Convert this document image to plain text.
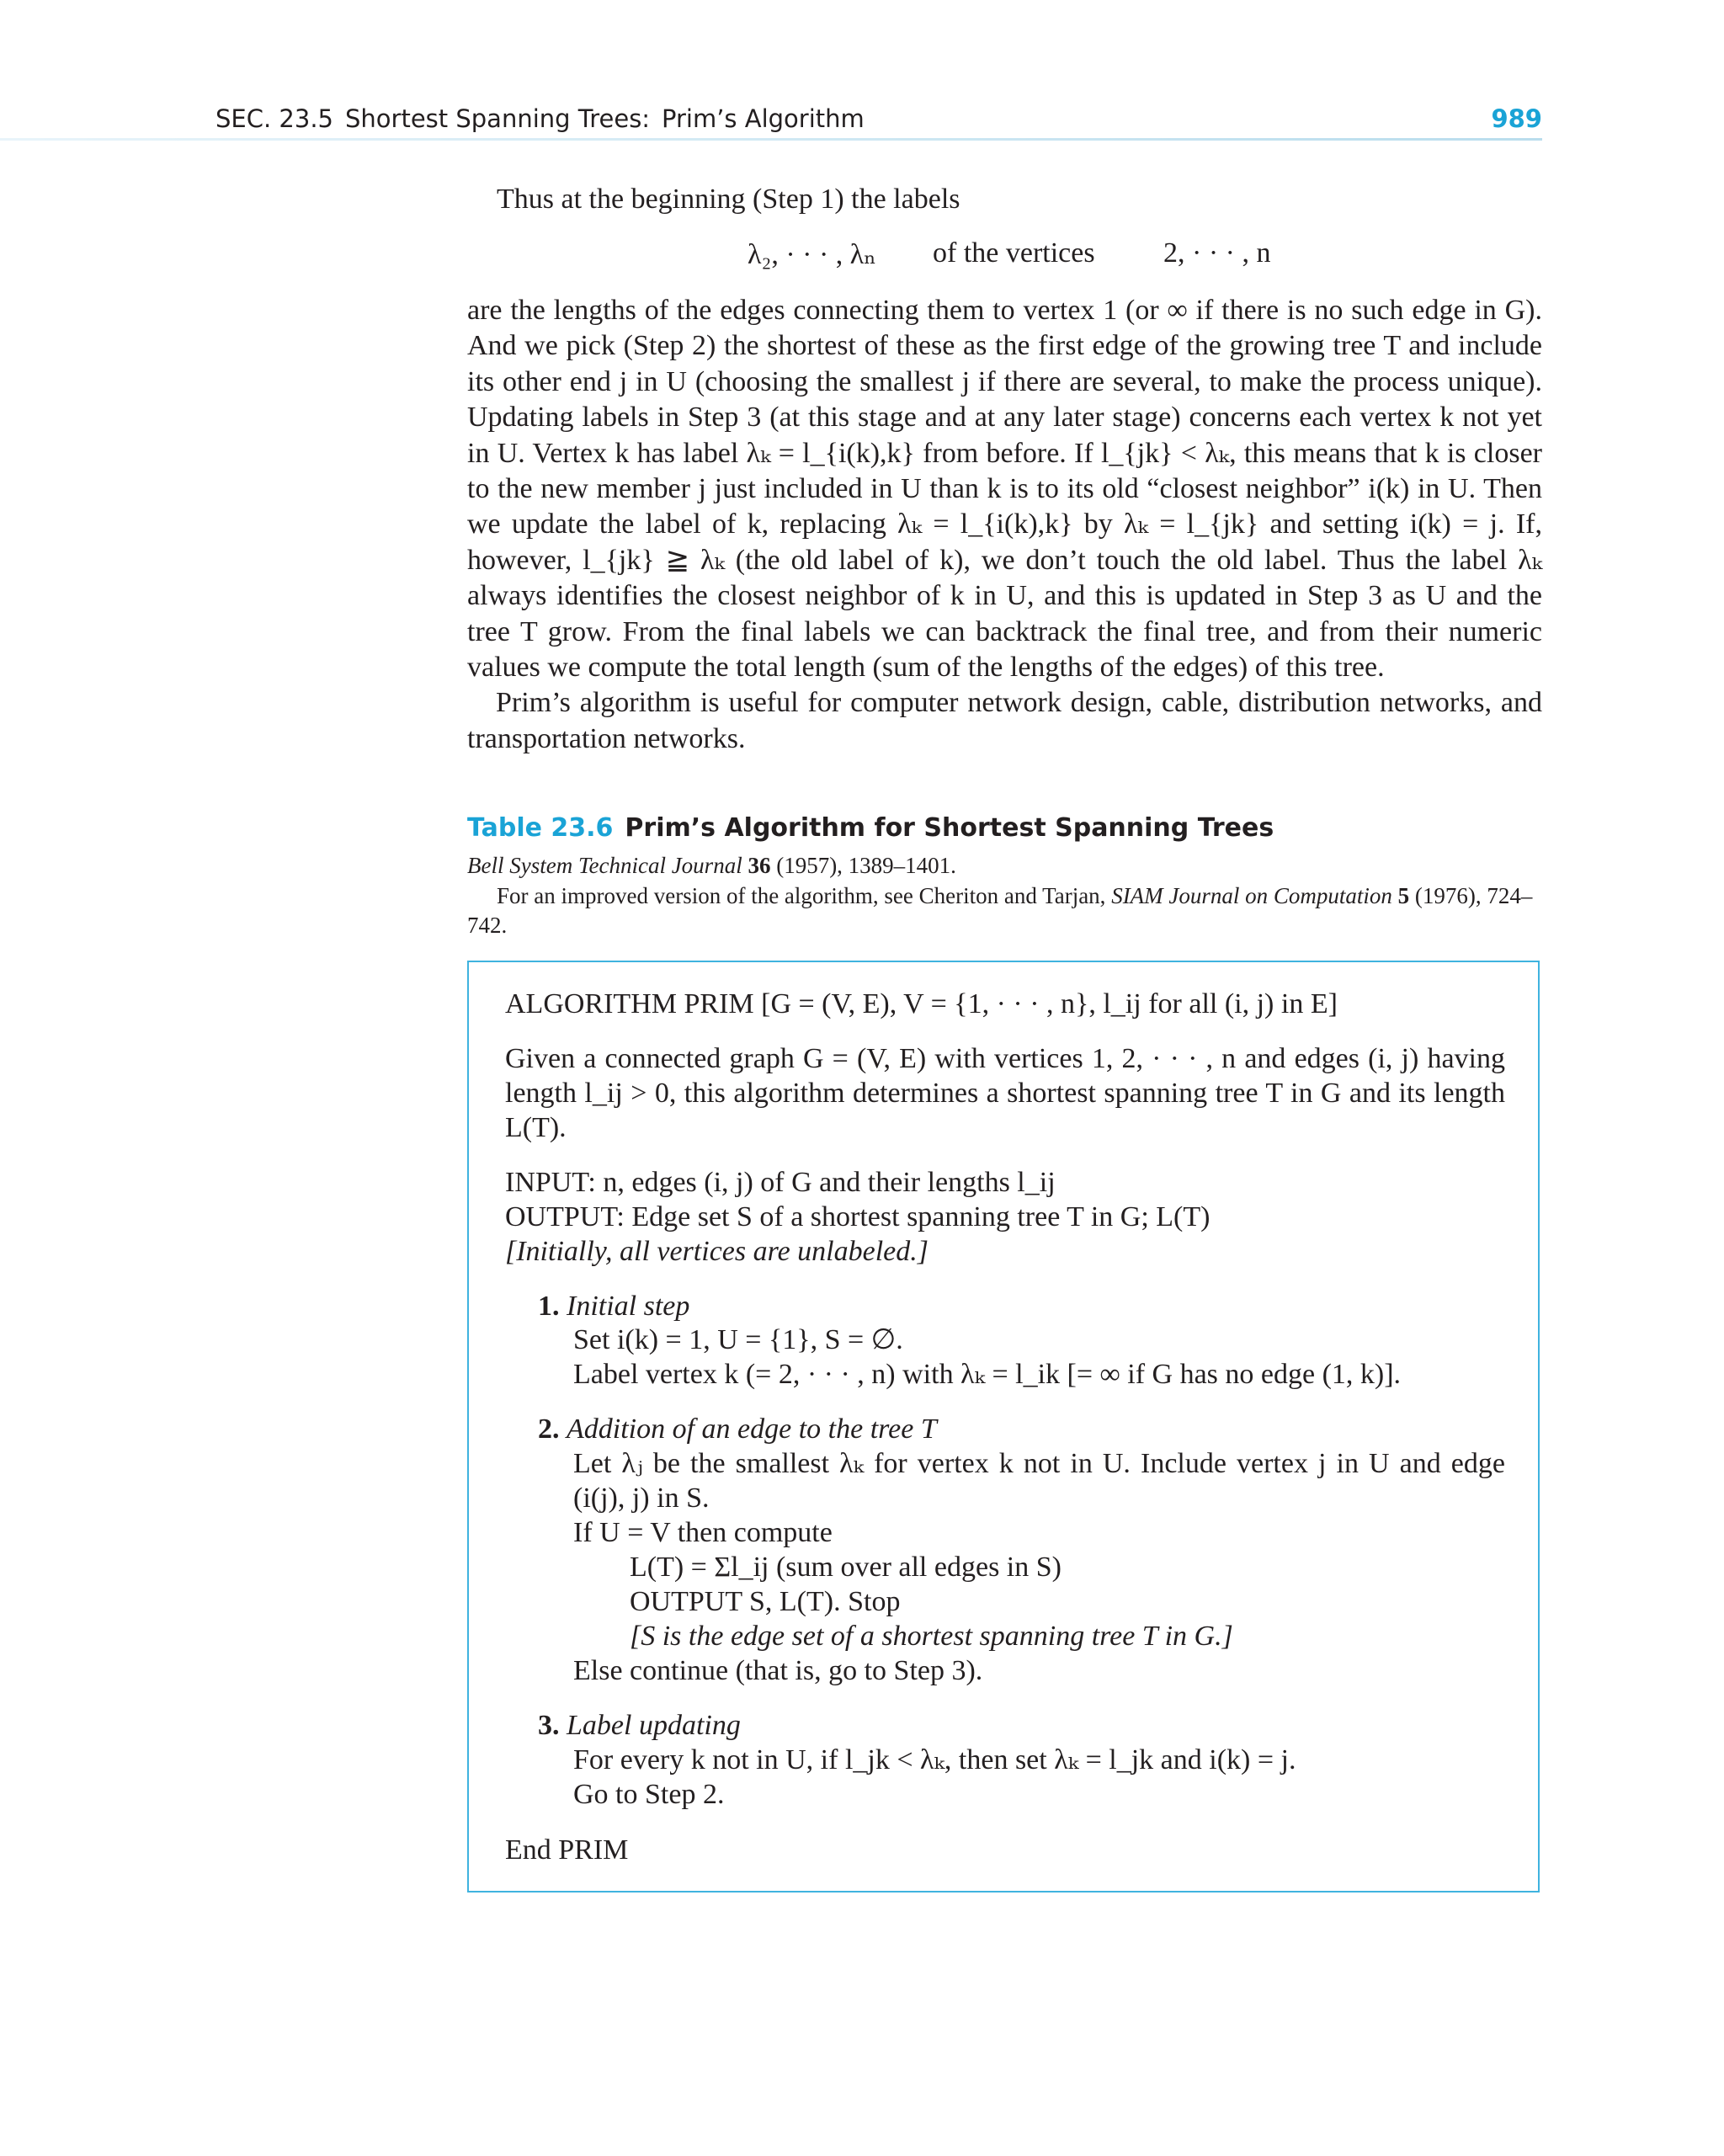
SEC. 23.5 Shortest Spanning Trees: Prim’s Algorithm	989
Thus at the beginning (Step 1) the labels
λ₂, · · · , λₙ of the vertices 2, · · · , n

are the lengths of the edges connecting them to vertex 1 (or ∞ if there is no such edge in G). And we pick (Step 2) the shortest of these as the first edge of the growing tree T and include its other end j in U (choosing the smallest j if there are several, to make the process unique). Updating labels in Step 3 (at this stage and at any later stage) concerns each vertex k not yet in U. Vertex k has label λₖ = l_{i(k),k} from before. If l_{jk} < λₖ, this means that k is closer to the new member j just included in U than k is to its old “closest neighbor” i(k) in U. Then we update the label of k, replacing λₖ = l_{i(k),k} by λₖ = l_{jk} and setting i(k) = j. If, however, l_{jk} ≧ λₖ (the old label of k), we don’t touch the old label. Thus the label λₖ always identifies the closest neighbor of k in U, and this is updated in Step 3 as U and the tree T grow. From the final labels we can backtrack the final tree, and from their numeric values we compute the total length (sum of the lengths of the edges) of this tree.

Prim’s algorithm is useful for computer network design, cable, distribution networks, and transportation networks.

Table 23.6 Prim’s Algorithm for Shortest Spanning Trees
Bell System Technical Journal 36 (1957), 1389–1401.
For an improved version of the algorithm, see Cheriton and Tarjan, SIAM Journal on Computation 5 (1976), 724–742.
ALGORITHM PRIM [G = (V, E), V = {1, · · · , n}, l_ij for all (i, j) in E]
Given a connected graph G = (V, E) with vertices 1, 2, · · · , n and edges (i, j) having length l_ij > 0, this algorithm determines a shortest spanning tree T in G and its length L(T).
INPUT: n, edges (i, j) of G and their lengths l_ij
OUTPUT: Edge set S of a shortest spanning tree T in G; L(T)
[Initially, all vertices are unlabeled.]
1. Initial step
Set i(k) = 1, U = {1}, S = ∅.
Label vertex k (= 2, · · · , n) with λₖ = l_ik [= ∞ if G has no edge (1, k)].
2. Addition of an edge to the tree T
Let λⱼ be the smallest λₖ for vertex k not in U. Include vertex j in U and edge (i(j), j) in S.
If U = V then compute
L(T) = Σl_ij (sum over all edges in S)
OUTPUT S, L(T). Stop
[S is the edge set of a shortest spanning tree T in G.]
Else continue (that is, go to Step 3).
3. Label updating
For every k not in U, if l_jk < λₖ, then set λₖ = l_jk and i(k) = j.
Go to Step 2.
End PRIM
